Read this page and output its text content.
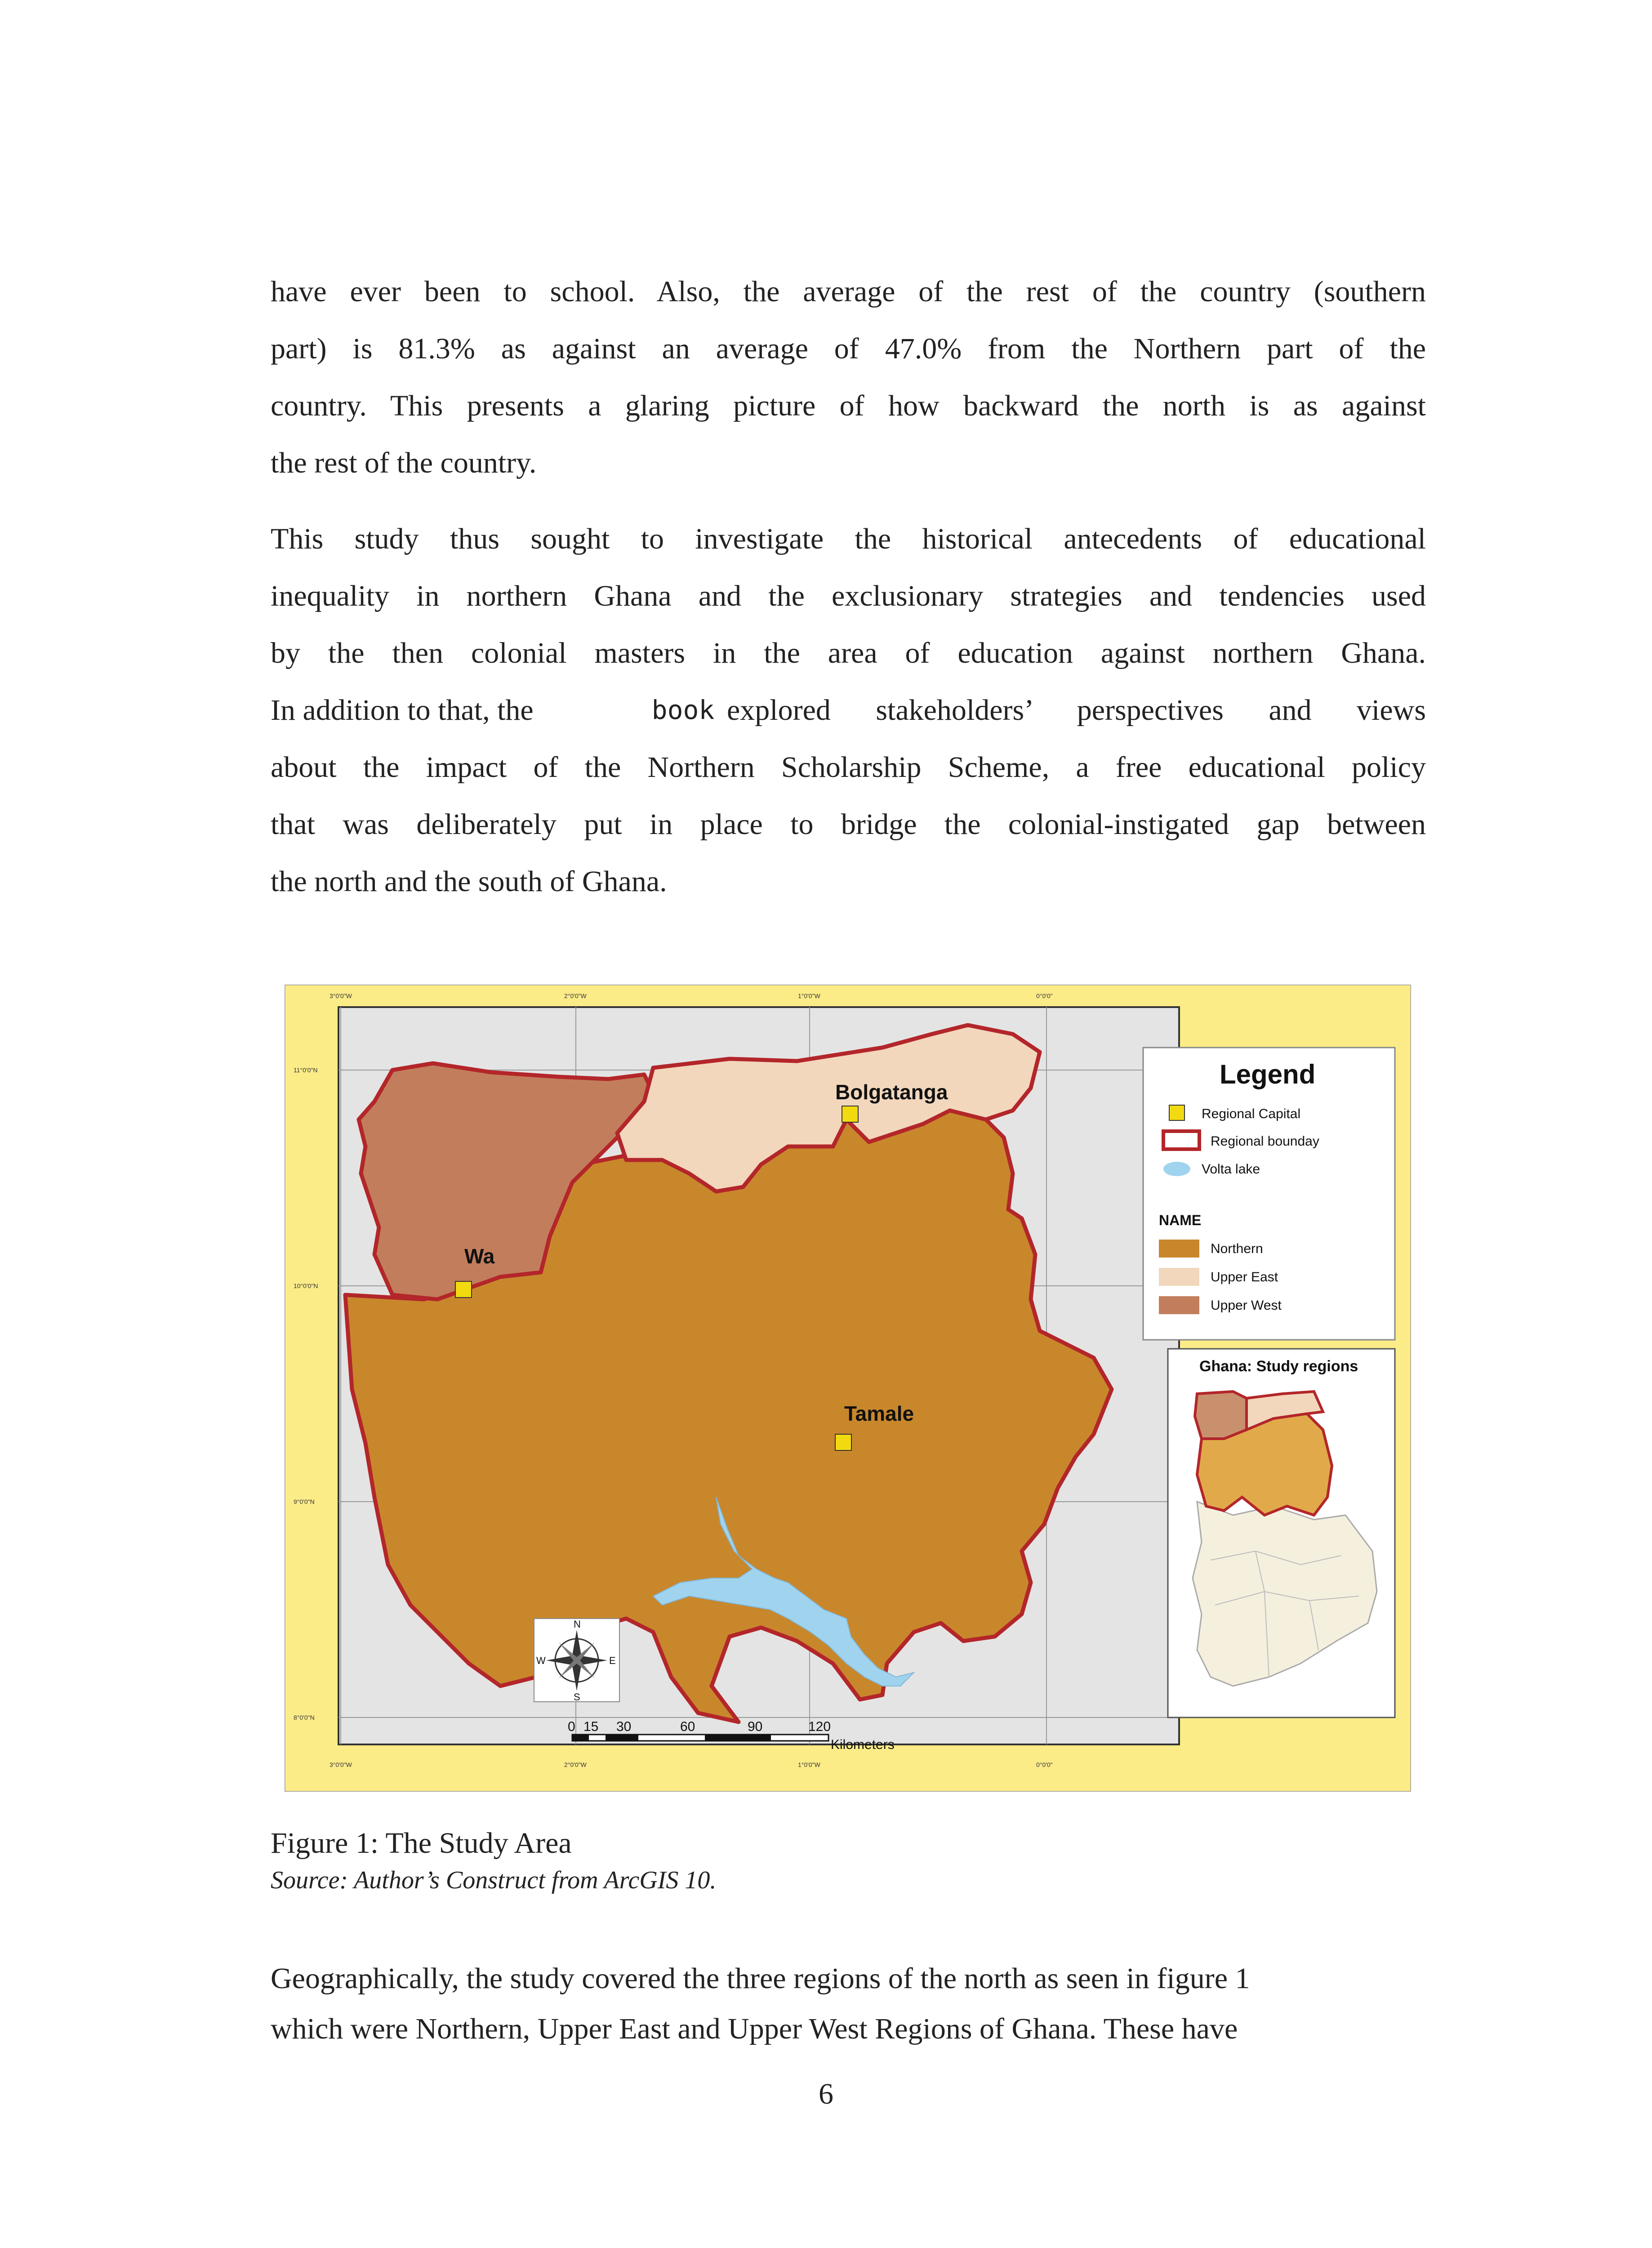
have ever been to school. Also, the average of the rest of the country (southern
part) is 81.3% as against an average of 47.0% from the Northern part of the
country. This presents a glaring picture of how backward the north is as against
the rest of the country.
This study thus sought to investigate the historical antecedents of educational
inequality in northern Ghana and the exclusionary strategies and tendencies used
by the then colonial masters in the area of education against northern Ghana.
In addition to that, the	book explored stakeholders’ perspectives and views
about the impact of the Northern Scholarship Scheme, a free educational policy
that was deliberately put in place to bridge the colonial-instigated gap between
the north and the south of Ghana.
3°0'0"W	2°0'0"W	1°0'0"W	0°0'0"
3°0'0"W	2°0'0"W	1°0'0"W	0°0'0"
11°0'0"N
10°0'0"N
9°0'0"N
8°0'0"N
Bolgatanga
Wa
Tamale
Legend
Regional Capital
Regional bounday
Volta lake
NAME
Northern
Upper East
Upper West
Ghana: Study regions
N
S
E
W
0 15 30	60	90	120
Kilometers

Figure 1: The Study Area

Source: Author’s Construct from ArcGIS 10.

Geographically, the study covered the three regions of the north as seen in figure 1
which were Northern, Upper East and Upper West Regions of Ghana. These have
6
